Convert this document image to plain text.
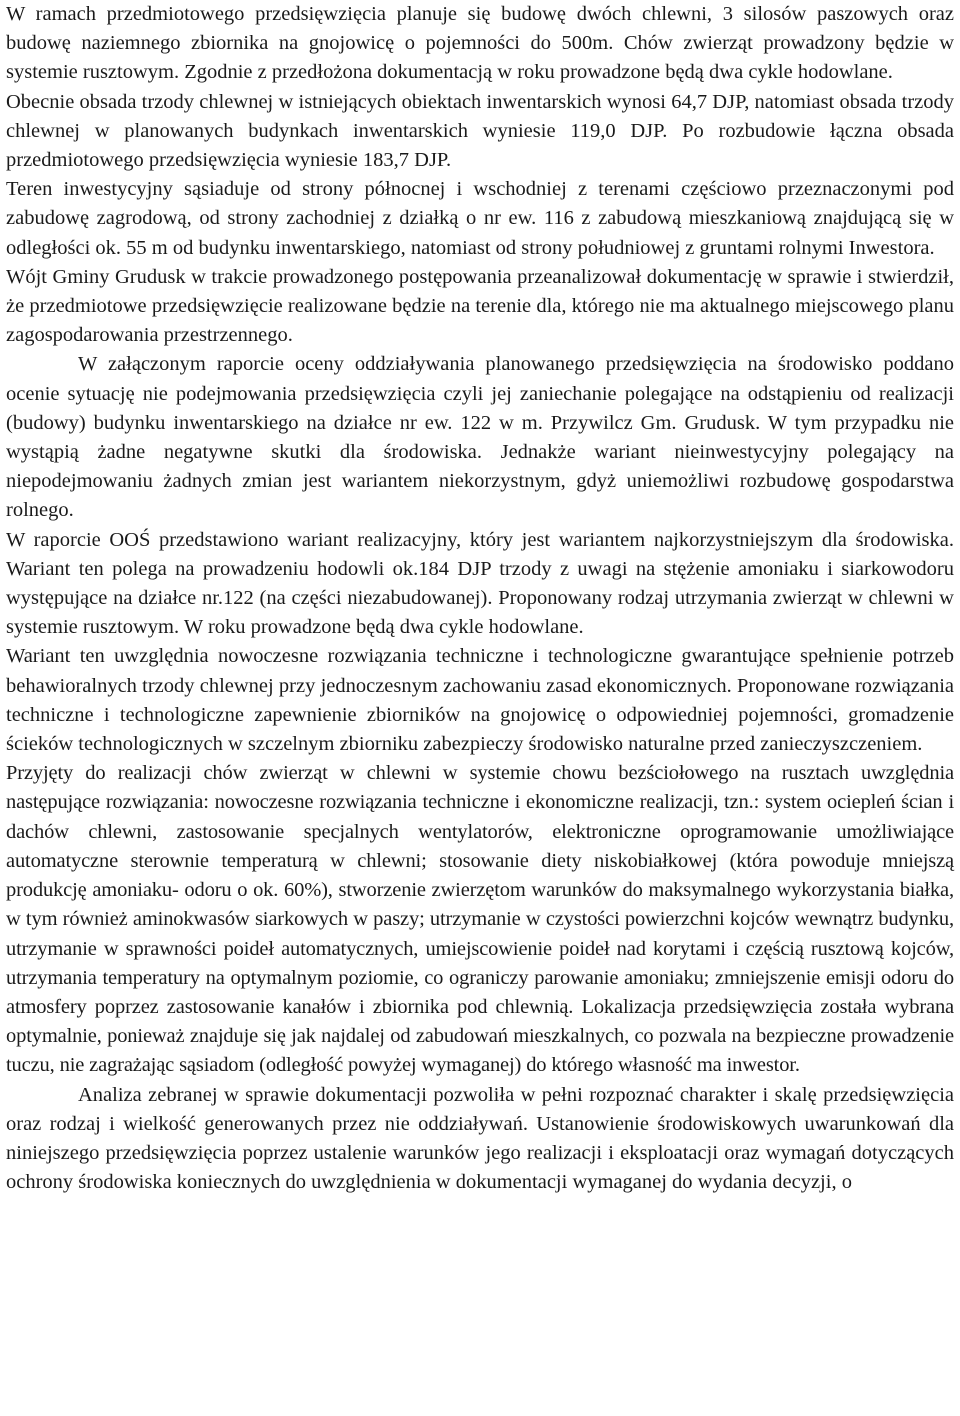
W ramach przedmiotowego przedsięwzięcia planuje się budowę dwóch chlewni, 3 silosów paszowych oraz budowę naziemnego zbiornika na gnojowicę o pojemności do 500m. Chów zwierząt prowadzony będzie w systemie rusztowym. Zgodnie z przedłożona dokumentacją w roku prowadzone będą dwa cykle hodowlane.

Obecnie obsada trzody chlewnej w istniejących obiektach inwentarskich wynosi 64,7 DJP, natomiast obsada trzody chlewnej w planowanych budynkach inwentarskich wyniesie 119,0 DJP. Po rozbudowie łączna obsada przedmiotowego przedsięwzięcia wyniesie 183,7 DJP.

Teren inwestycyjny sąsiaduje od strony północnej i wschodniej z terenami częściowo przeznaczonymi pod zabudowę zagrodową, od strony zachodniej z działką o nr ew. 116 z zabudową mieszkaniową znajdującą się w odległości ok. 55 m od budynku inwentarskiego, natomiast od strony południowej z gruntami rolnymi Inwestora.

Wójt Gminy Grudusk w trakcie prowadzonego postępowania przeanalizował dokumentację w sprawie i stwierdził, że przedmiotowe przedsięwzięcie realizowane będzie na terenie dla, którego nie ma aktualnego miejscowego planu zagospodarowania przestrzennego.

W załączonym raporcie oceny oddziaływania planowanego przedsięwzięcia na środowisko poddano ocenie sytuację nie podejmowania przedsięwzięcia czyli jej zaniechanie polegające na odstąpieniu od realizacji (budowy) budynku inwentarskiego na działce nr ew. 122 w m. Przywilcz Gm. Grudusk. W tym przypadku nie wystąpią żadne negatywne skutki dla środowiska. Jednakże wariant nieinwestycyjny polegający na niepodejmowaniu żadnych zmian jest wariantem niekorzystnym, gdyż uniemożliwi rozbudowę gospodarstwa rolnego.

W raporcie OOŚ przedstawiono wariant realizacyjny, który jest wariantem najkorzystniejszym dla środowiska. Wariant ten polega na prowadzeniu hodowli ok.184 DJP trzody z uwagi na stężenie amoniaku i siarkowodoru występujące na działce nr.122 (na części niezabudowanej). Proponowany rodzaj utrzymania zwierząt w chlewni w systemie rusztowym. W roku prowadzone będą dwa cykle hodowlane.

Wariant ten uwzględnia nowoczesne rozwiązania techniczne i technologiczne gwarantujące spełnienie potrzeb behawioralnych trzody chlewnej przy jednoczesnym zachowaniu zasad ekonomicznych. Proponowane rozwiązania techniczne i technologiczne zapewnienie zbiorników na gnojowicę o odpowiedniej pojemności, gromadzenie ścieków technologicznych w szczelnym zbiorniku zabezpieczy środowisko naturalne przed zanieczyszczeniem.

Przyjęty do realizacji chów zwierząt w chlewni w systemie chowu bezściołowego na rusztach uwzględnia następujące rozwiązania: nowoczesne rozwiązania techniczne i ekonomiczne realizacji, tzn.: system ociepleń ścian i dachów chlewni, zastosowanie specjalnych wentylatorów, elektroniczne oprogramowanie umożliwiające automatyczne sterownie temperaturą w chlewni; stosowanie diety niskobiałkowej (która powoduje mniejszą produkcję amoniaku- odoru o ok. 60%), stworzenie zwierzętom warunków do maksymalnego wykorzystania białka, w tym również aminokwasów siarkowych w paszy; utrzymanie w czystości powierzchni kojców wewnątrz budynku, utrzymanie w sprawności poideł automatycznych, umiejscowienie poideł nad korytami i częścią rusztową kojców, utrzymania temperatury na optymalnym poziomie, co ograniczy parowanie amoniaku; zmniejszenie emisji odoru do atmosfery poprzez zastosowanie kanałów i zbiornika pod chlewnią. Lokalizacja przedsięwzięcia została wybrana optymalnie, ponieważ znajduje się jak najdalej od zabudowań mieszkalnych, co pozwala na bezpieczne prowadzenie tuczu, nie zagrażając sąsiadom (odległość powyżej wymaganej) do którego własność ma inwestor.

Analiza zebranej w sprawie dokumentacji pozwoliła w pełni rozpoznać charakter i skalę przedsięwzięcia oraz rodzaj i wielkość generowanych przez nie oddziaływań. Ustanowienie środowiskowych uwarunkowań dla niniejszego przedsięwzięcia poprzez ustalenie warunków jego realizacji i eksploatacji oraz wymagań dotyczących ochrony środowiska koniecznych do uwzględnienia w dokumentacji wymaganej do wydania decyzji, o
